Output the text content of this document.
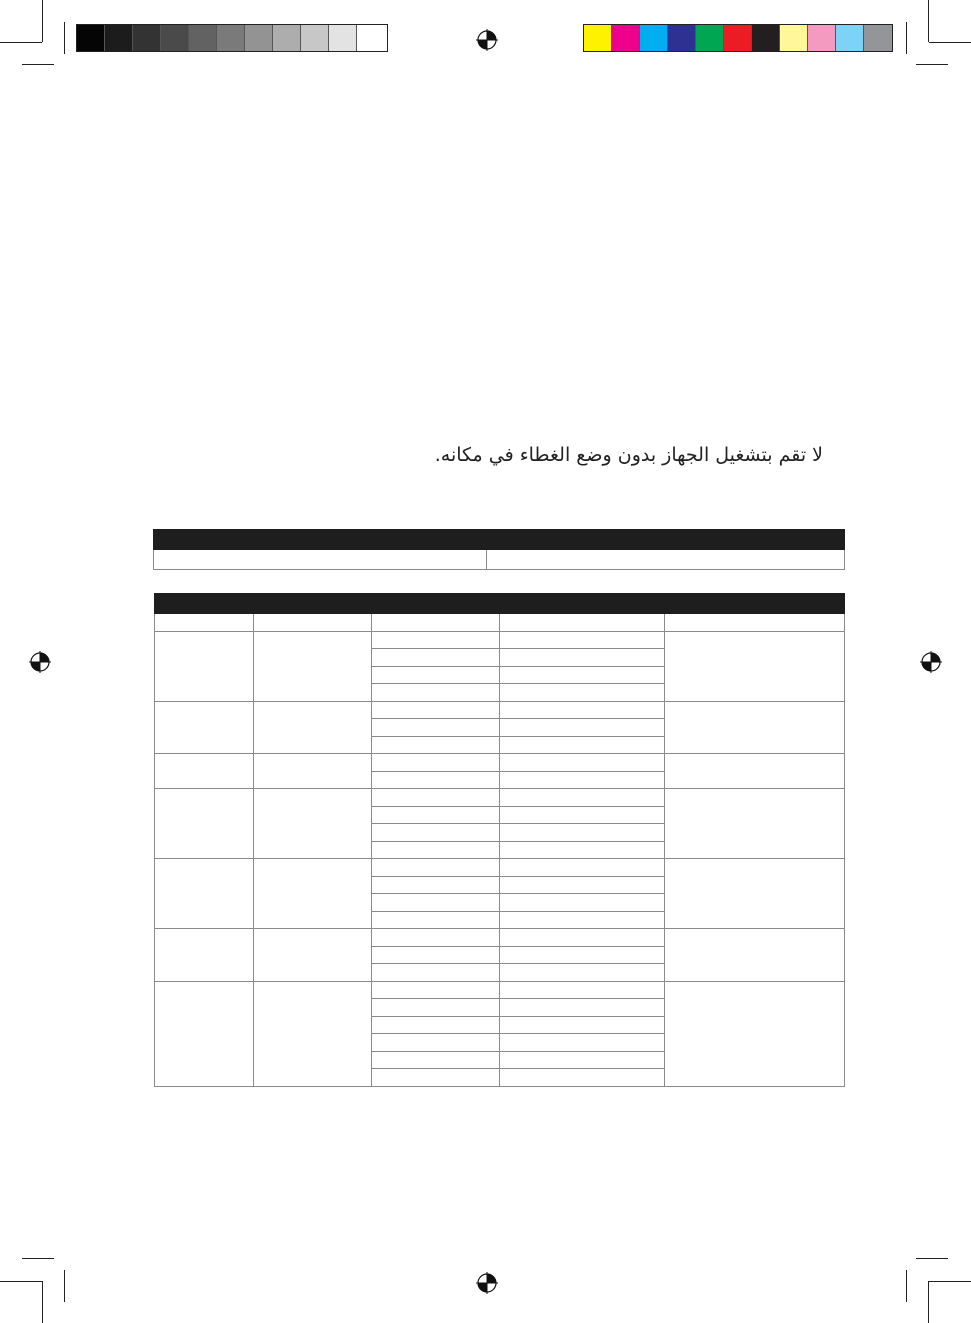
لا تقم بتشغيل الجهاز بدون وضع الغطاء في مكانه.
